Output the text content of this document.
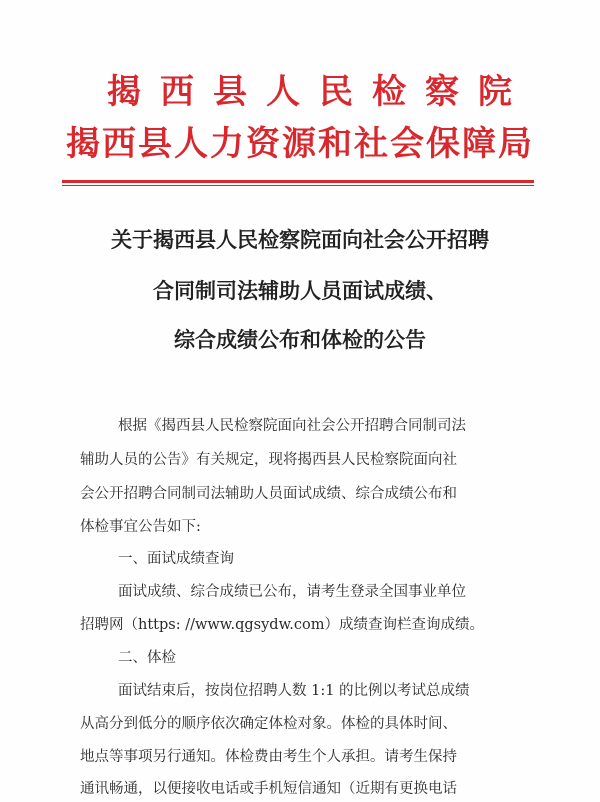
揭西县人民检察院
揭西县人力资源和社会保障局
关于揭西县人民检察院面向社会公开招聘
合同制司法辅助人员面试成绩、
综合成绩公布和体检的公告
根据《揭西县人民检察院面向社会公开招聘合同制司法
辅助人员的公告》有关规定，现将揭西县人民检察院面向社
会公开招聘合同制司法辅助人员面试成绩、综合成绩公布和
体检事宜公告如下:
一、面试成绩查询
面试成绩、综合成绩已公布，请考生登录全国事业单位
招聘网（https: //www.qgsydw.com）成绩查询栏查询成绩。
二、体检
面试结束后，按岗位招聘人数 1:1 的比例以考试总成绩
从高分到低分的顺序依次确定体检对象。体检的具体时间、
地点等事项另行通知。体检费由考生个人承担。请考生保持
通讯畅通，以便接收电话或手机短信通知（近期有更换电话
